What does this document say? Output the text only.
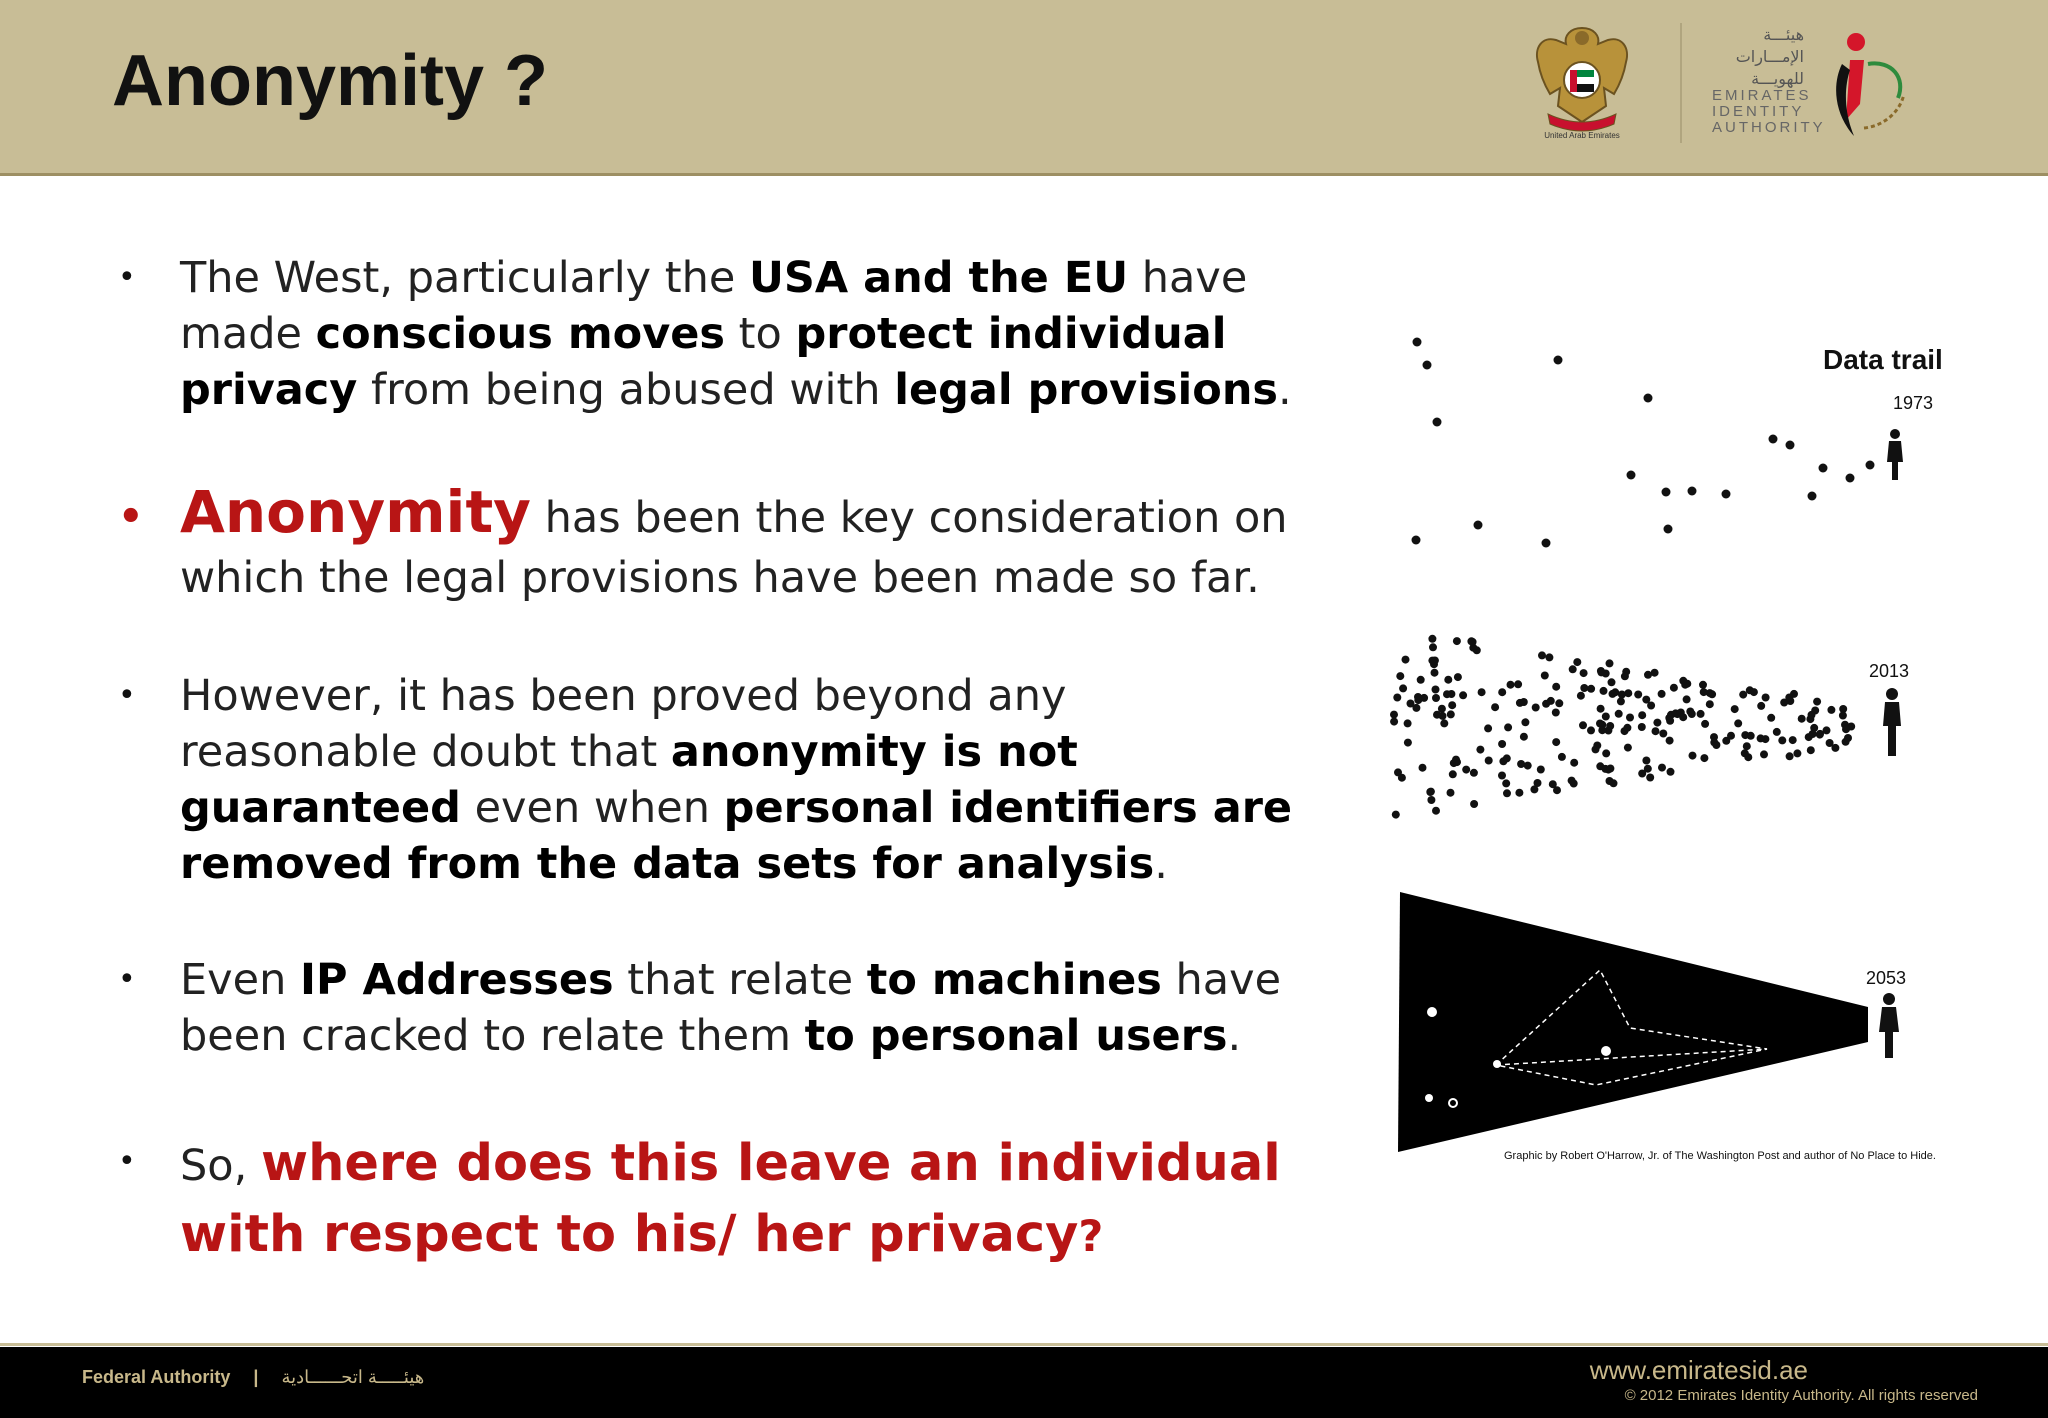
Anonymity ?
United Arab Emirates
هيئـــة الإمـــارات للهويـــة
EMIRATES
IDENTITY
AUTHORITY
• The West, particularly the USA and the EU have
made conscious moves to protect individual
privacy from being abused with legal provisions.
• Anonymity has been the key consideration on
which the legal provisions have been made so far.
• However, it has been proved beyond any
reasonable doubt that anonymity is not
guaranteed even when personal identifiers are
removed from the data sets for analysis.
• Even IP Addresses that relate to machines have
been cracked to relate them to personal users.
• So, where does this leave an individual
with respect to his/ her privacy?
Data trail
1973
2013
2053
Graphic by Robert O'Harrow, Jr. of The Washington Post and author of No Place to Hide.
Federal Authority | هيئـــــة اتحــــــادية	www.emiratesid.ae
© 2012 Emirates Identity Authority. All rights reserved
